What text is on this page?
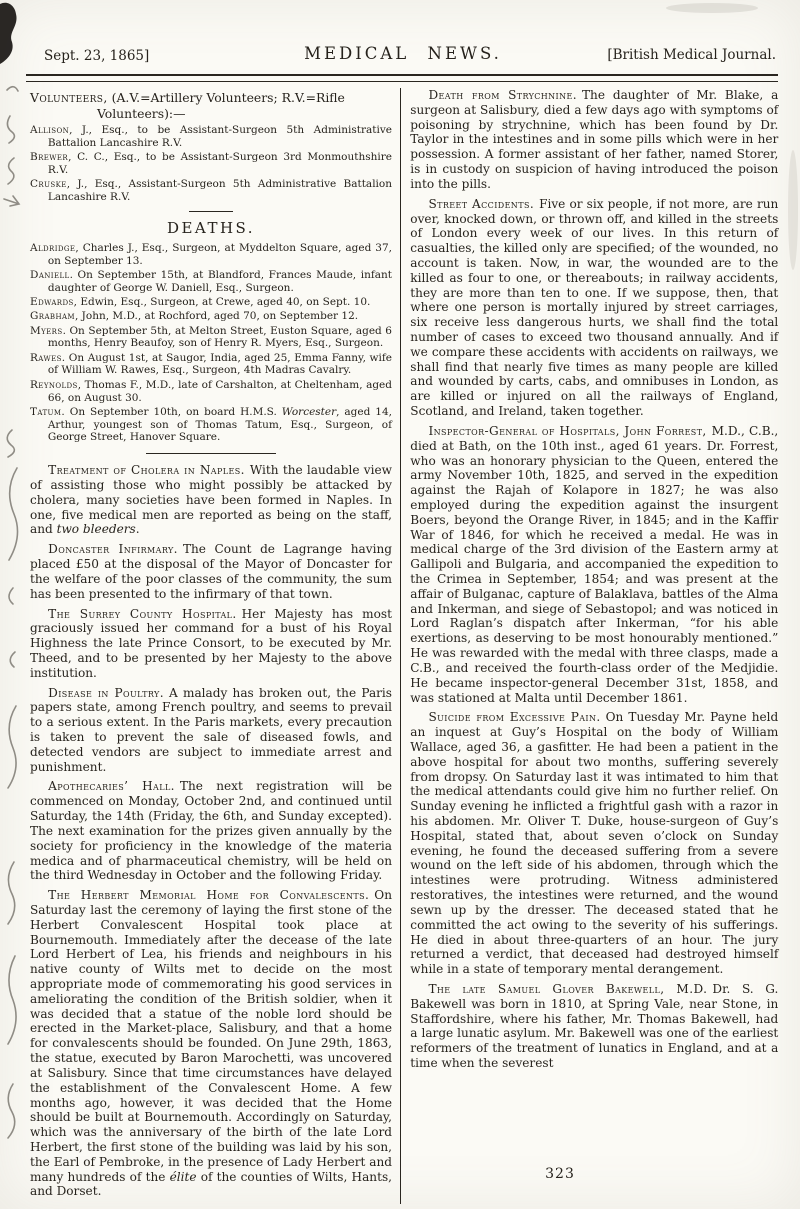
Sept. 23, 1865]	MEDICAL NEWS.	[British Medical Journal.

Volunteers, (A.V.=Artillery Volunteers; R.V.=Rifle Volunteers):—

Allison, J., Esq., to be Assistant-Surgeon 5th Administrative Battalion Lancashire R.V.

Brewer, C. C., Esq., to be Assistant-Surgeon 3rd Monmouthshire R.V.

Cruske, J., Esq., Assistant-Surgeon 5th Administrative Battalion Lancashire R.V.

DEATHS.

Aldridge, Charles J., Esq., Surgeon, at Myddelton Square, aged 37, on September 13.

Daniell. On September 15th, at Blandford, Frances Maude, infant daughter of George W. Daniell, Esq., Surgeon.

Edwards, Edwin, Esq., Surgeon, at Crewe, aged 40, on Sept. 10.

Grabham, John, M.D., at Rochford, aged 70, on September 12.

Myers. On September 5th, at Melton Street, Euston Square, aged 6 months, Henry Beaufoy, son of Henry R. Myers, Esq., Surgeon.

Rawes. On August 1st, at Saugor, India, aged 25, Emma Fanny, wife of William W. Rawes, Esq., Surgeon, 4th Madras Cavalry.

Reynolds, Thomas F., M.D., late of Carshalton, at Cheltenham, aged 66, on August 30.

Tatum. On September 10th, on board H.M.S. Worcester, aged 14, Arthur, youngest son of Thomas Tatum, Esq., Surgeon, of George Street, Hanover Square.

Treatment of Cholera in Naples. With the laudable view of assisting those who might possibly be attacked by cholera, many societies have been formed in Naples. In one, five medical men are reported as being on the staff, and two bleeders.

Doncaster Infirmary. The Count de Lagrange having placed £50 at the disposal of the Mayor of Doncaster for the welfare of the poor classes of the community, the sum has been presented to the infirmary of that town.

The Surrey County Hospital. Her Majesty has most graciously issued her command for a bust of his Royal Highness the late Prince Consort, to be executed by Mr. Theed, and to be presented by her Majesty to the above institution.

Disease in Poultry. A malady has broken out, the Paris papers state, among French poultry, and seems to prevail to a serious extent. In the Paris markets, every precaution is taken to prevent the sale of diseased fowls, and detected vendors are subject to immediate arrest and punishment.

Apothecaries’ Hall. The next registration will be commenced on Monday, October 2nd, and continued until Saturday, the 14th (Friday, the 6th, and Sunday excepted). The next examination for the prizes given annually by the society for proficiency in the knowledge of the materia medica and of pharmaceutical chemistry, will be held on the third Wednesday in October and the following Friday.

The Herbert Memorial Home for Convalescents. On Saturday last the ceremony of laying the first stone of the Herbert Convalescent Hospital took place at Bournemouth. Immediately after the decease of the late Lord Herbert of Lea, his friends and neighbours in his native county of Wilts met to decide on the most appropriate mode of commemorating his good services in ameliorating the condition of the British soldier, when it was decided that a statue of the noble lord should be erected in the Market-place, Salisbury, and that a home for convalescents should be founded. On June 29th, 1863, the statue, executed by Baron Marochetti, was uncovered at Salisbury. Since that time circumstances have delayed the establishment of the Convalescent Home. A few months ago, however, it was decided that the Home should be built at Bournemouth. Accordingly on Saturday, which was the anniversary of the birth of the late Lord Herbert, the first stone of the building was laid by his son, the Earl of Pembroke, in the presence of Lady Herbert and many hundreds of the élite of the counties of Wilts, Hants, and Dorset.

Death from Strychnine. The daughter of Mr. Blake, a surgeon at Salisbury, died a few days ago with symptoms of poisoning by strychnine, which has been found by Dr. Taylor in the intestines and in some pills which were in her possession. A former assistant of her father, named Storer, is in custody on suspicion of having introduced the poison into the pills.

Street Accidents. Five or six people, if not more, are run over, knocked down, or thrown off, and killed in the streets of London every week of our lives. In this return of casualties, the killed only are specified; of the wounded, no account is taken. Now, in war, the wounded are to the killed as four to one, or thereabouts; in railway accidents, they are more than ten to one. If we suppose, then, that where one person is mortally injured by street carriages, six receive less dangerous hurts, we shall find the total number of cases to exceed two thousand annually. And if we compare these accidents with accidents on railways, we shall find that nearly five times as many people are killed and wounded by carts, cabs, and omnibuses in London, as are killed or injured on all the railways of England, Scotland, and Ireland, taken together.

Inspector-General of Hospitals, John Forrest, M.D., C.B., died at Bath, on the 10th inst., aged 61 years. Dr. Forrest, who was an honorary physician to the Queen, entered the army November 10th, 1825, and served in the expedition against the Rajah of Kolapore in 1827; he was also employed during the expedition against the insurgent Boers, beyond the Orange River, in 1845; and in the Kaffir War of 1846, for which he received a medal. He was in medical charge of the 3rd division of the Eastern army at Gallipoli and Bulgaria, and accompanied the expedition to the Crimea in September, 1854; and was present at the affair of Bulganac, capture of Balaklava, battles of the Alma and Inkerman, and siege of Sebastopol; and was noticed in Lord Raglan’s dispatch after Inkerman, “for his able exertions, as deserving to be most honourably mentioned.” He was rewarded with the medal with three clasps, made a C.B., and received the fourth-class order of the Medjidie. He became inspector-general December 31st, 1858, and was stationed at Malta until December 1861.

Suicide from Excessive Pain. On Tuesday Mr. Payne held an inquest at Guy’s Hospital on the body of William Wallace, aged 36, a gasfitter. He had been a patient in the above hospital for about two months, suffering severely from dropsy. On Saturday last it was intimated to him that the medical attendants could give him no further relief. On Sunday evening he inflicted a frightful gash with a razor in his abdomen. Mr. Oliver T. Duke, house-surgeon of Guy’s Hospital, stated that, about seven o’clock on Sunday evening, he found the deceased suffering from a severe wound on the left side of his abdomen, through which the intestines were protruding. Witness administered restoratives, the intestines were returned, and the wound sewn up by the dresser. The deceased stated that he committed the act owing to the severity of his sufferings. He died in about three-quarters of an hour. The jury returned a verdict, that deceased had destroyed himself while in a state of temporary mental derangement.

The late Samuel Glover Bakewell, M.D. Dr. S. G. Bakewell was born in 1810, at Spring Vale, near Stone, in Staffordshire, where his father, Mr. Thomas Bakewell, had a large lunatic asylum. Mr. Bakewell was one of the earliest reformers of the treatment of lunatics in England, and at a time when the severest

323
